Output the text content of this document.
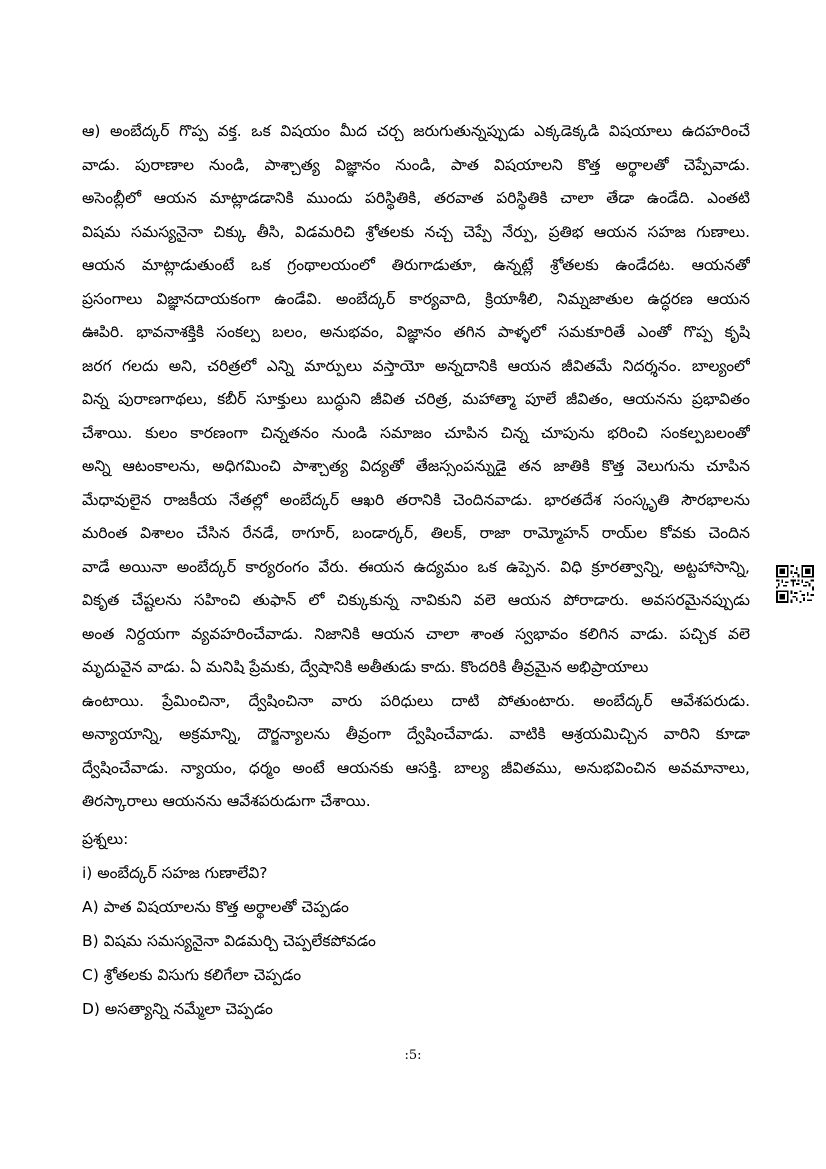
ఆ) అంబేద్కర్ గొప్ప వక్త. ఒక విషయం మీద చర్చ జరుగుతున్నప్పుడు ఎక్కడెక్కడి విషయాలు ఉదహరించే
వాడు. పురాణాల నుండి, పాశ్చాత్య విజ్ఞానం నుండి, పాత విషయాలని కొత్త అర్థాలతో చెప్పేవాడు.
అసెంబ్లీలో ఆయన మాట్లాడడానికి ముందు పరిస్థితికి, తరవాత పరిస్థితికి చాలా తేడా ఉండేది. ఎంతటి
విషమ సమస్యనైనా చిక్కు తీసి, విడమరిచి శ్రోతలకు నచ్చ చెప్పే నేర్పు, ప్రతిభ ఆయన సహజ గుణాలు.
ఆయన మాట్లాడుతుంటే ఒక గ్రంథాలయంలో తిరుగాడుతూ, ఉన్నట్లే శ్రోతలకు ఉండేదట. ఆయనతో
ప్రసంగాలు విజ్ఞానదాయకంగా ఉండేవి. అంబేద్కర్ కార్యవాది, క్రియాశీలి, నిమ్నజాతుల ఉద్ధరణ ఆయన
ఊపిరి. భావనాశక్తికి సంకల్ప బలం, అనుభవం, విజ్ఞానం తగిన పాళ్ళలో సమకూరితే ఎంతో గొప్ప కృషి
జరగ గలదు అని, చరిత్రలో ఎన్ని మార్పులు వస్తాయో అన్నదానికి ఆయన జీవితమే నిదర్శనం. బాల్యంలో
విన్న పురాణగాథలు, కబీర్ సూక్తులు బుద్ధుని జీవిత చరిత్ర, మహాత్మా పూలే జీవితం, ఆయనను ప్రభావితం
చేశాయి. కులం కారణంగా చిన్నతనం నుండి సమాజం చూపిన చిన్న చూపును భరించి సంకల్పబలంతో
అన్ని ఆటంకాలను, అధిగమించి పాశ్చాత్య విద్యతో తేజస్సంపన్నుడై తన జాతికి కొత్త వెలుగును చూపిన
మేధావులైన రాజకీయ నేతల్లో అంబేద్కర్ ఆఖరి తరానికి చెందినవాడు. భారతదేశ సంస్కృతి సౌరభాలను
మరింత విశాలం చేసిన రేనడే, ఠాగూర్, బండార్కర్, తిలక్, రాజా రామ్మోహన్ రాయ్‌ల కోవకు చెందిన
వాడే అయినా అంబేద్కర్ కార్యరంగం వేరు. ఈయన ఉద్యమం ఒక ఉప్పెన. విధి క్రూరత్వాన్ని, అట్టహాసాన్ని,
వికృత చేష్టలను సహించి తుఫాన్ లో చిక్కుకున్న నావికుని వలె ఆయన పోరాడారు. అవసరమైనప్పుడు
అంత నిర్దయగా వ్యవహరించేవాడు. నిజానికి ఆయన చాలా శాంత స్వభావం కలిగిన వాడు. పచ్చిక వలె
మృదువైన వాడు. ఏ మనిషి ప్రేమకు, ద్వేషానికి అతీతుడు కాదు. కొందరికి తీవ్రమైన అభిప్రాయాలు
ఉంటాయి. ప్రేమించినా, ద్వేషించినా వారు పరిధులు దాటి పోతుంటారు. అంబేద్కర్ ఆవేశపరుడు.
అన్యాయాన్ని, అక్రమాన్ని, దౌర్జన్యాలను తీవ్రంగా ద్వేషించేవాడు. వాటికి ఆశ్రయమిచ్చిన వారిని కూడా
ద్వేషించేవాడు. న్యాయం, ధర్మం అంటే ఆయనకు ఆసక్తి. బాల్య జీవితము, అనుభవించిన అవమానాలు,
తిరస్కారాలు ఆయనను ఆవేశపరుడుగా చేశాయి.
ప్రశ్నలు:
i) అంబేద్కర్ సహజ గుణాలేవి?
A) పాత విషయాలను కొత్త అర్థాలతో చెప్పడం
B) విషమ సమస్యనైనా విడమర్చి చెప్పలేకపోవడం
C) శ్రోతలకు విసుగు కలిగేలా చెప్పడం
D) అసత్యాన్ని నమ్మేలా చెప్పడం
:5:
